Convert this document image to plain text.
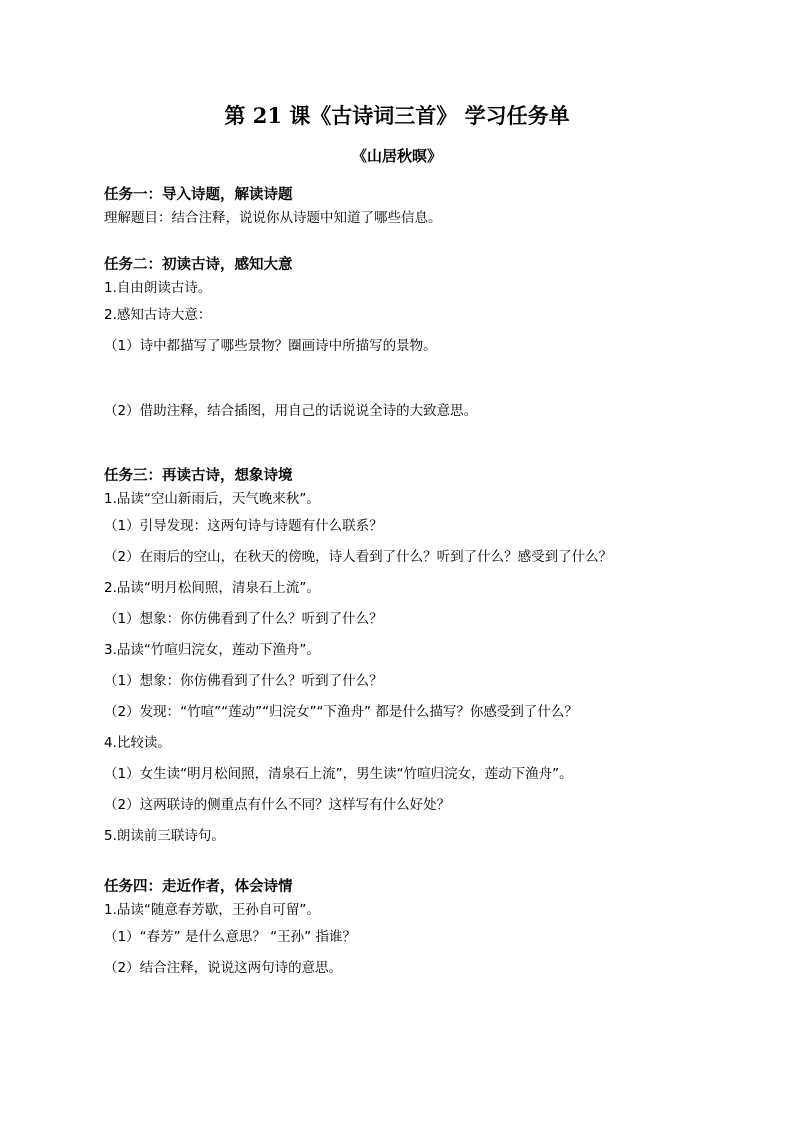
第 21 课《古诗词三首》 学习任务单
《山居秋暝》
任务一：导入诗题，解读诗题
理解题目：结合注释，说说你从诗题中知道了哪些信息。
任务二：初读古诗，感知大意
1.自由朗读古诗。
2.感知古诗大意：
（1）诗中都描写了哪些景物？圈画诗中所描写的景物。
（2）借助注释，结合插图，用自己的话说说全诗的大致意思。
任务三：再读古诗，想象诗境
1.品读“空山新雨后，天气晚来秋”。
（1）引导发现：这两句诗与诗题有什么联系？
（2）在雨后的空山，在秋天的傍晚，诗人看到了什么？听到了什么？感受到了什么？
2.品读“明月松间照，清泉石上流”。
（1）想象：你仿佛看到了什么？听到了什么？
3.品读“竹喧归浣女，莲动下渔舟”。
（1）想象：你仿佛看到了什么？听到了什么？
（2）发现：“竹喧”“莲动”“归浣女”“下渔舟” 都是什么描写？你感受到了什么？
4.比较读。
（1）女生读“明月松间照，清泉石上流”，男生读“竹喧归浣女，莲动下渔舟”。
（2）这两联诗的侧重点有什么不同？这样写有什么好处？
5.朗读前三联诗句。
任务四：走近作者，体会诗情
1.品读“随意春芳歇，王孙自可留”。
（1）“春芳” 是什么意思？ “王孙” 指谁？
（2）结合注释，说说这两句诗的意思。
